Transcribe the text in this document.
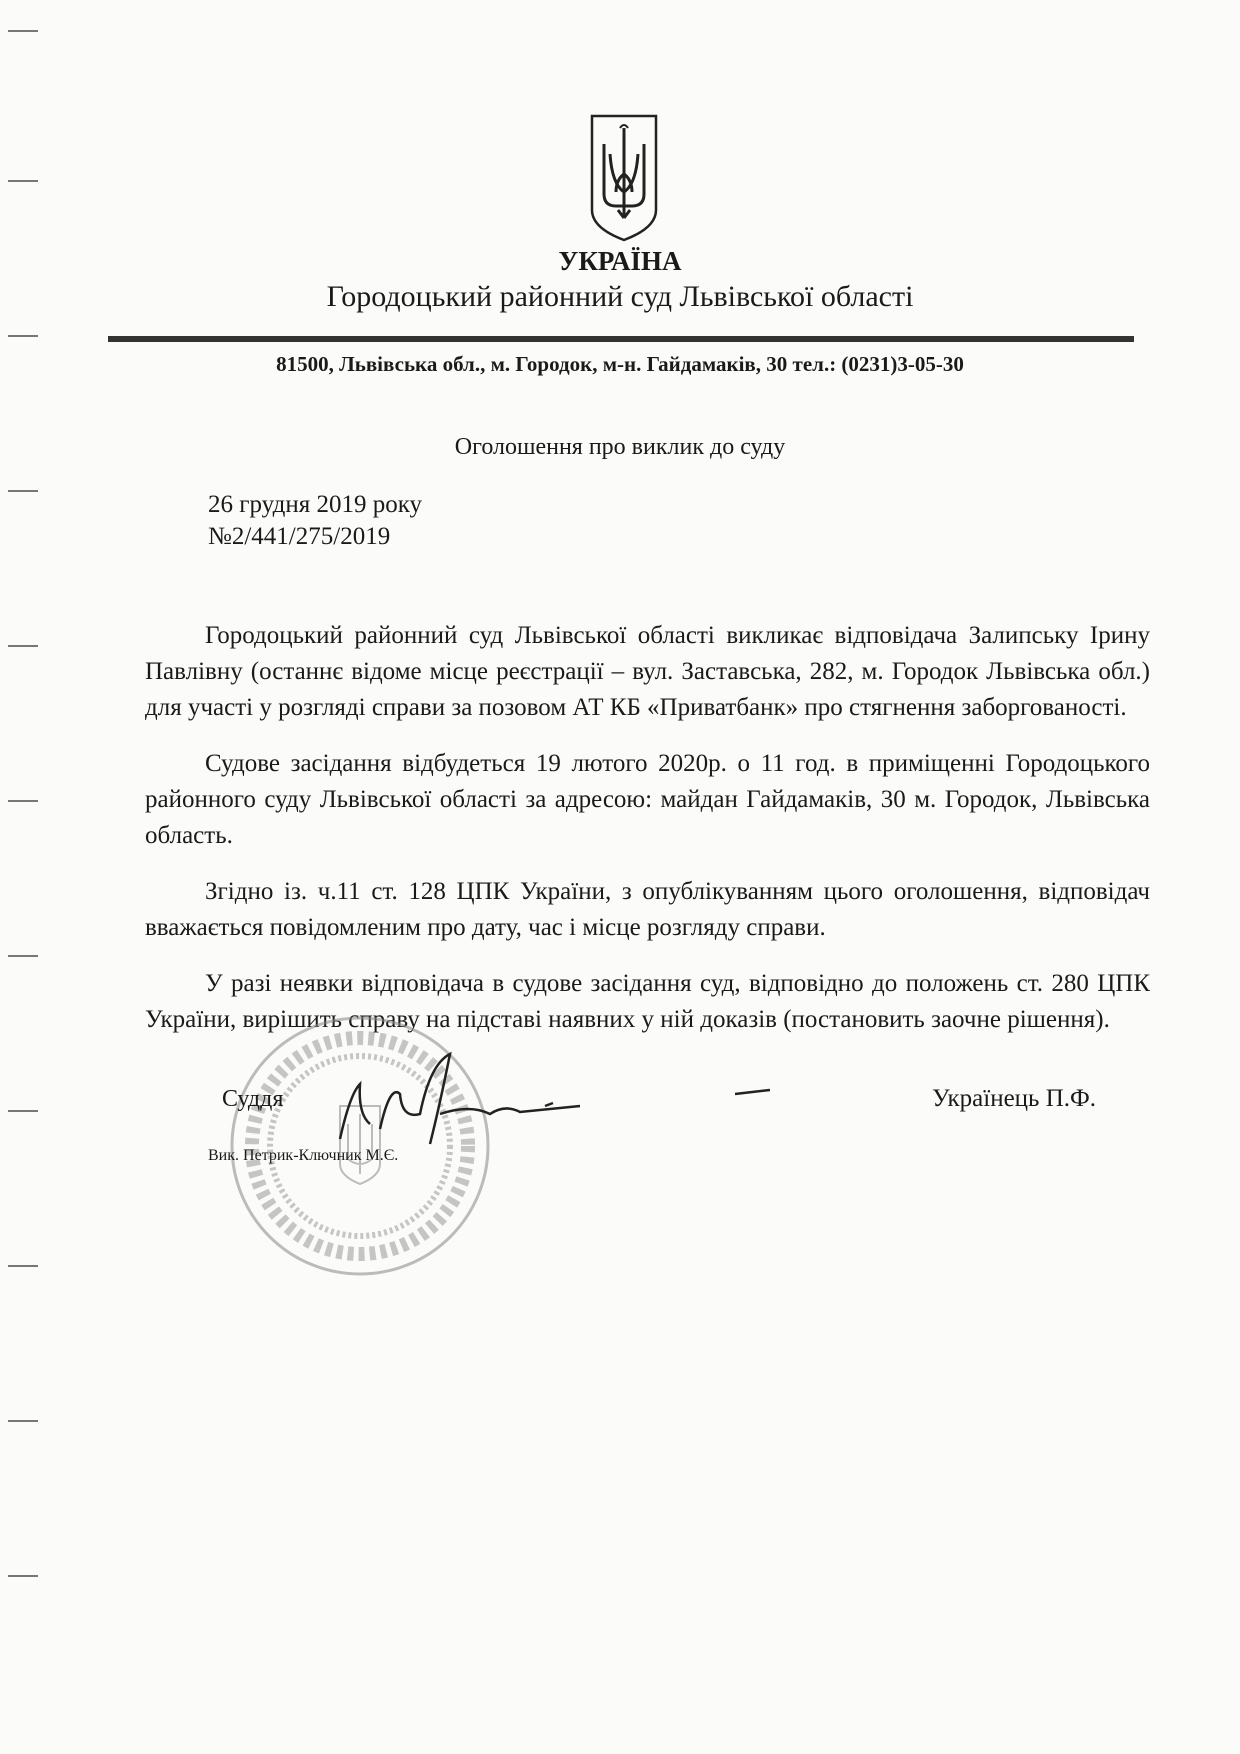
УКРАЇНА
Городоцький районний суд Львівської області
81500, Львівська обл., м. Городок, м-н. Гайдамаків, 30 тел.: (0231)3-05-30
Оголошення про виклик до суду
26 грудня 2019 року
№2/441/275/2019

Городоцький районний суд Львівської області викликає відповідача Залипську Ірину Павлівну (останнє відоме місце реєстрації – вул. Заставська, 282, м. Городок Львівська обл.) для участі у розгляді справи за позовом АТ КБ «Приватбанк» про стягнення заборгованості.

Судове засідання відбудеться 19 лютого 2020р. о 11 год. в приміщенні Городоцького районного суду Львівської області за адресою: майдан Гайдамаків, 30 м. Городок, Львівська область.

Згідно із. ч.11 ст. 128 ЦПК України, з опублікуванням цього оголошення, відповідач вважається повідомленим про дату, час і місце розгляду справи.

У разі неявки відповідача в судове засідання суд, відповідно до положень ст. 280 ЦПК України, вирішить справу на підставі наявних у ній доказів (постановить заочне рішення).

Суддя
Вик. Петрик-Ключник М.Є.
Українець П.Ф.
